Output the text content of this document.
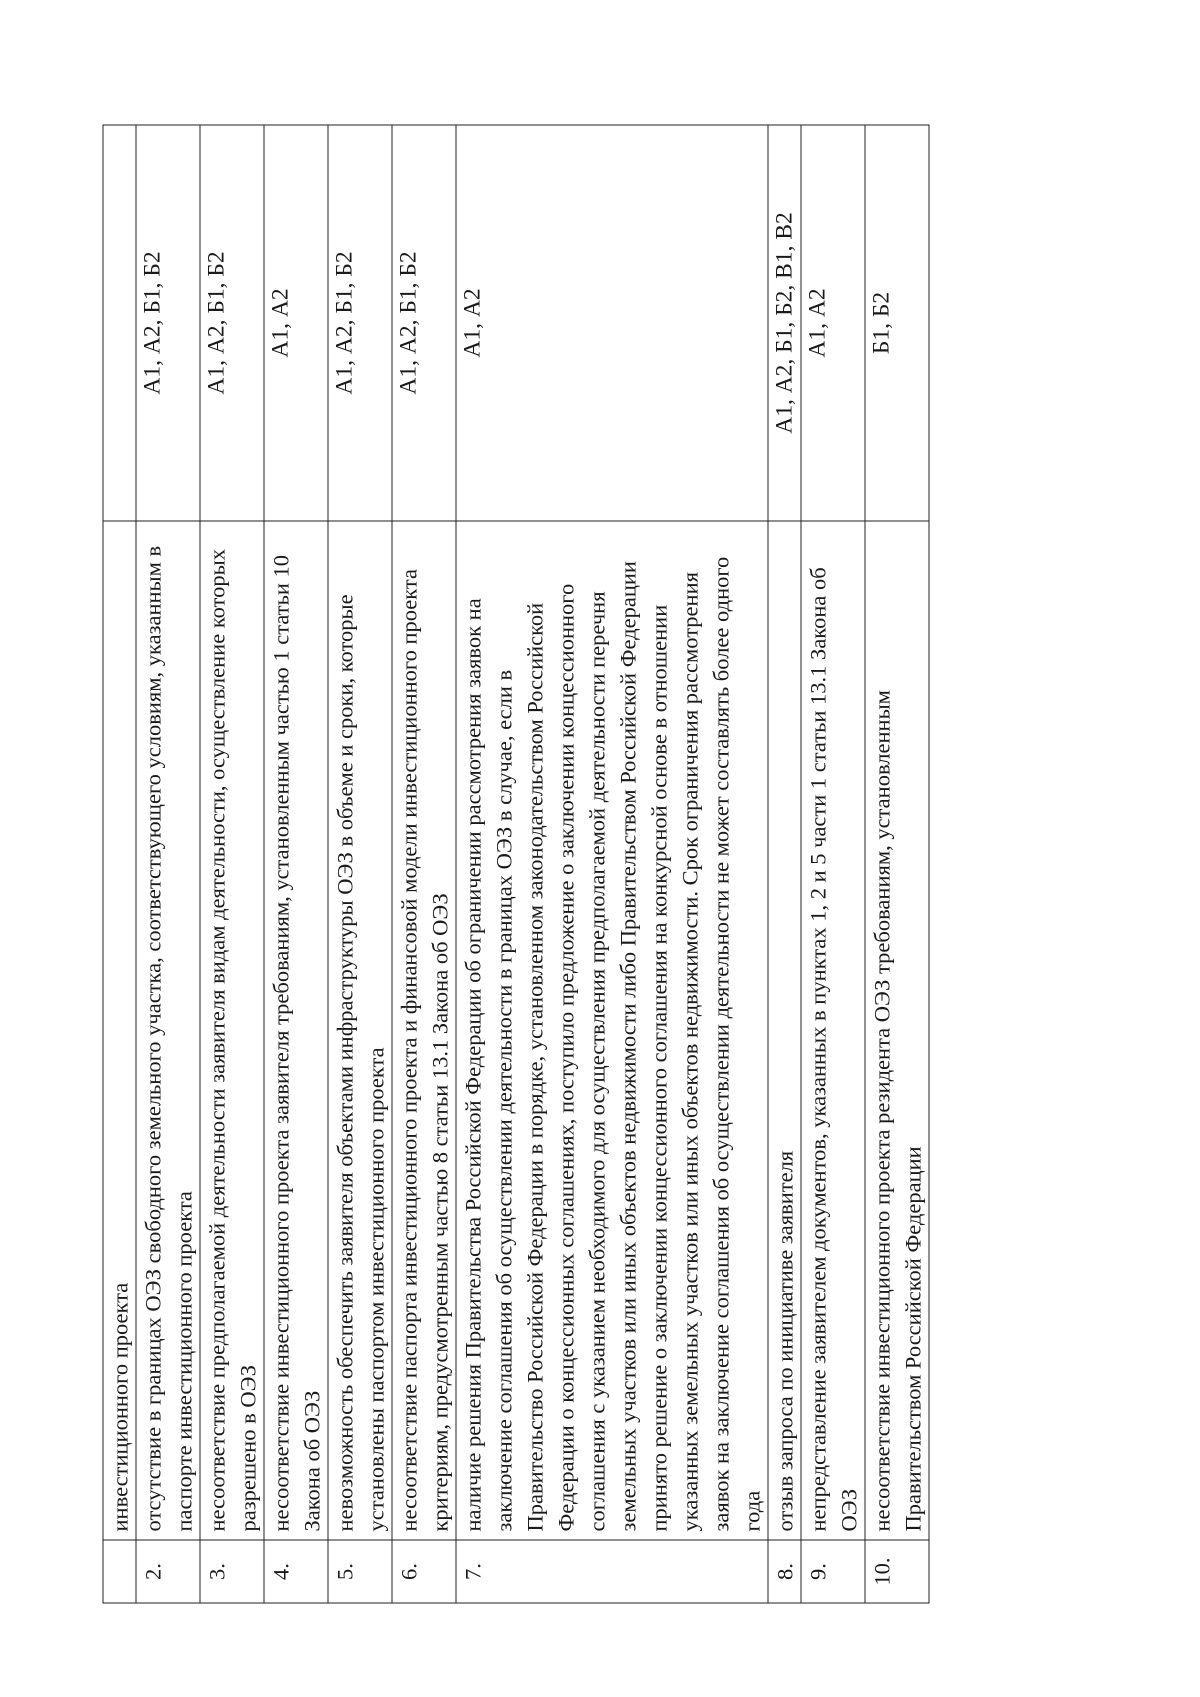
	инвестиционного проекта	
2.	отсутствие в границах ОЭЗ свободного земельного участка, соответствующего условиям, указанным в паспорте инвестиционного проекта	А1, А2, Б1, Б2
3.	несоответствие предполагаемой деятельности заявителя видам деятельности, осуществление которых разрешено в ОЭЗ	А1, А2, Б1, Б2
4.	несоответствие инвестиционного проекта заявителя требованиям, установленным частью 1 статьи 10 Закона об ОЭЗ	А1, А2
5.	невозможность обеспечить заявителя объектами инфраструктуры ОЭЗ в объеме и сроки, которые установлены паспортом инвестиционного проекта	А1, А2, Б1, Б2
6.	несоответствие паспорта инвестиционного проекта и финансовой модели инвестиционного проекта критериям, предусмотренным частью 8 статьи 13.1 Закона об ОЭЗ	А1, А2, Б1, Б2
7.	наличие решения Правительства Российской Федерации об ограничении рассмотрения заявок на заключение соглашения об осуществлении деятельности в границах ОЭЗ в случае, если в Правительство Российской Федерации в порядке, установленном законодательством Российской Федерации о концессионных соглашениях, поступило предложение о заключении концессионного соглашения с указанием необходимого для осуществления предполагаемой деятельности перечня земельных участков или иных объектов недвижимости либо Правительством Российской Федерации принято решение о заключении концессионного соглашения на конкурсной основе в отношении указанных земельных участков или иных объектов недвижимости. Срок ограничения рассмотрения заявок на заключение соглашения об осуществлении деятельности не может составлять более одного года	А1, А2
8.	отзыв запроса по инициативе заявителя	А1, А2, Б1, Б2, В1, В2
9.	непредставление заявителем документов, указанных в пунктах 1, 2 и 5 части 1 статьи 13.1 Закона об ОЭЗ	А1, А2
10.	несоответствие инвестиционного проекта резидента ОЭЗ требованиям, установленным Правительством Российской Федерации	Б1, Б2
